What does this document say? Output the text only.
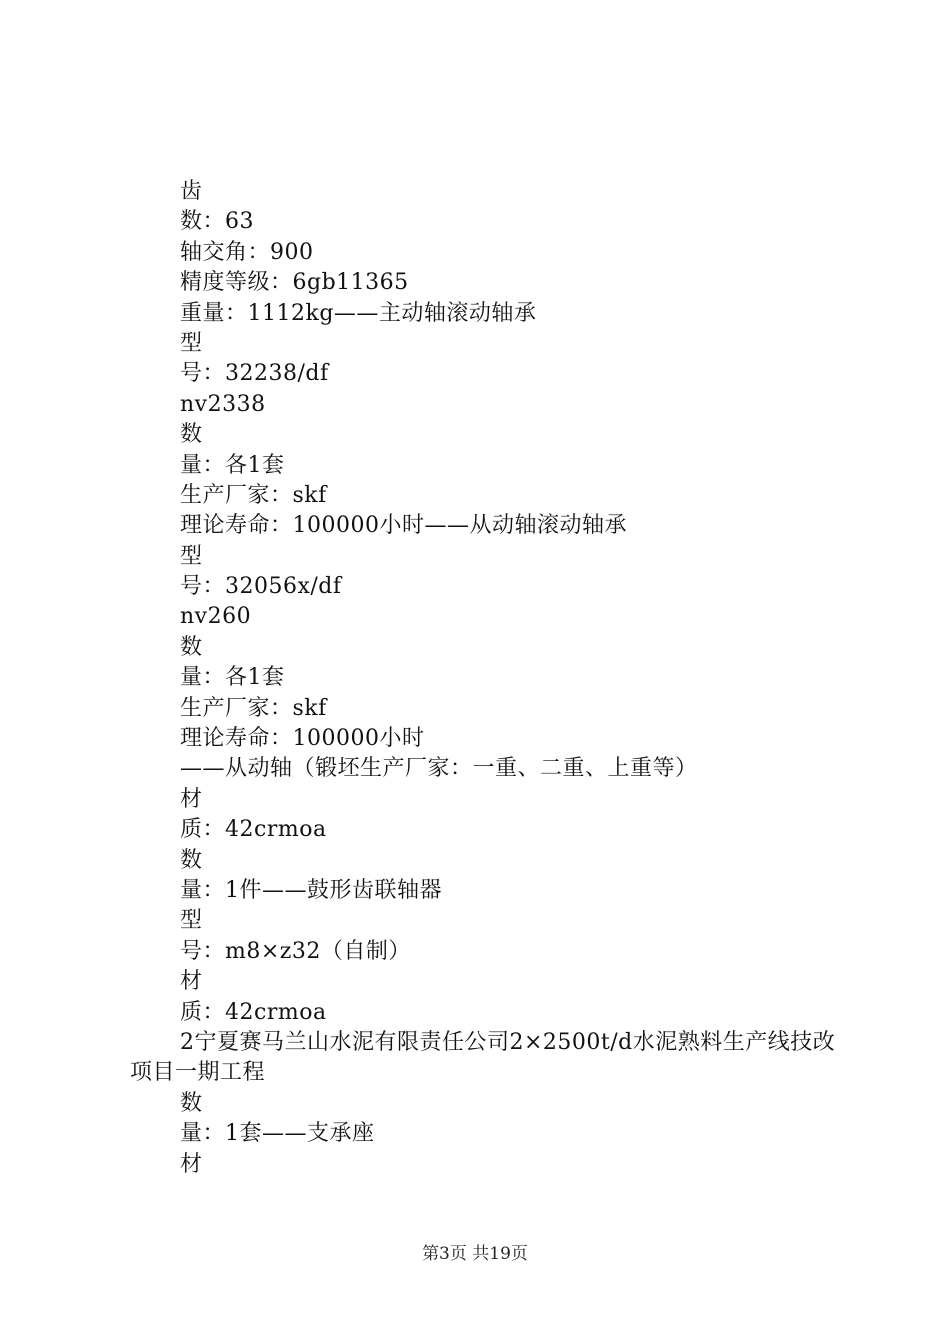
齿
数：63
轴交角：900
精度等级：6gb11365
重量：1112kg——主动轴滚动轴承
型
号：32238/df
nv2338
数
量：各1套
生产厂家：skf
理论寿命：100000小时——从动轴滚动轴承
型
号：32056x/df
nv260
数
量：各1套
生产厂家：skf
理论寿命：100000小时
——从动轴（锻坯生产厂家：一重、二重、上重等）
材
质：42crmoa
数
量：1件——鼓形齿联轴器
型
号：m8×z32（自制）
材
质：42crmoa
2宁夏赛马兰山水泥有限责任公司2×2500t/d水泥熟料生产线技改项目一期工程
数
量：1套——支承座
材
第3页 共19页
